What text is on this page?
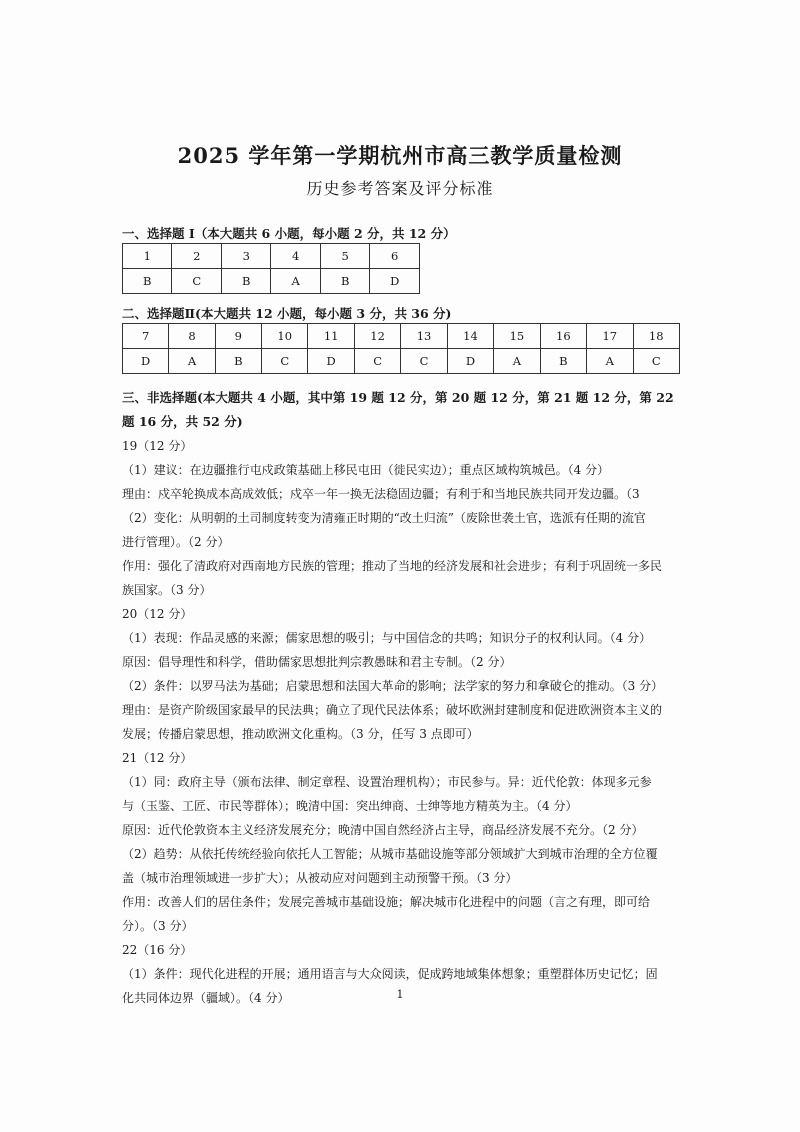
2025 学年第一学期杭州市高三教学质量检测
历史参考答案及评分标准
一、选择题 I（本大题共 6 小题，每小题 2 分，共 12 分）
1	2	3	4	5	6
B	C	B	A	B	D
二、选择题Ⅱ(本大题共 12 小题，每小题 3 分，共 36 分)
7	8	9	10	11	12	13	14	15	16	17	18
D	A	B	C	D	C	C	D	A	B	A	C
三、非选择题(本大题共 4 小题，其中第 19 题 12 分，第 20 题 12 分，第 21 题 12 分，第 22 题 16 分，共 52 分)
19（12 分）
（1）建议：在边疆推行屯戍政策基础上移民屯田（徙民实边）；重点区域构筑城邑。（4 分）
理由：戍卒轮换成本高成效低；戍卒一年一换无法稳固边疆；有利于和当地民族共同开发边疆。（3
（2）变化：从明朝的土司制度转变为清雍正时期的“改土归流”（废除世袭土官，选派有任期的流官
进行管理）。（2 分）
作用：强化了清政府对西南地方民族的管理；推动了当地的经济发展和社会进步；有利于巩固统一多民
族国家。（3 分）
20（12 分）
（1）表现：作品灵感的来源；儒家思想的吸引；与中国信念的共鸣；知识分子的权利认同。（4 分）
原因：倡导理性和科学，借助儒家思想批判宗教愚昧和君主专制。（2 分）
（2）条件：以罗马法为基础；启蒙思想和法国大革命的影响；法学家的努力和拿破仑的推动。（3 分）
理由：是资产阶级国家最早的民法典；确立了现代民法体系；破坏欧洲封建制度和促进欧洲资本主义的
发展；传播启蒙思想，推动欧洲文化重构。（3 分，任写 3 点即可）
21（12 分）
（1）同：政府主导（颁布法律、制定章程、设置治理机构）；市民参与。异：近代伦敦：体现多元参
与（玉鉴、工匠、市民等群体）；晚清中国：突出绅商、士绅等地方精英为主。（4 分）
原因：近代伦敦资本主义经济发展充分；晚清中国自然经济占主导，商品经济发展不充分。（2 分）
（2）趋势：从依托传统经验向依托人工智能；从城市基础设施等部分领域扩大到城市治理的全方位覆
盖（城市治理领域进一步扩大）；从被动应对问题到主动预警干预。（3 分）
作用：改善人们的居住条件；发展完善城市基础设施；解决城市化进程中的问题（言之有理，即可给
分）。（3 分）
22（16 分）
（1）条件：现代化进程的开展；通用语言与大众阅读，促成跨地域集体想象；重塑群体历史记忆；固
化共同体边界（疆域）。（4 分）	1
